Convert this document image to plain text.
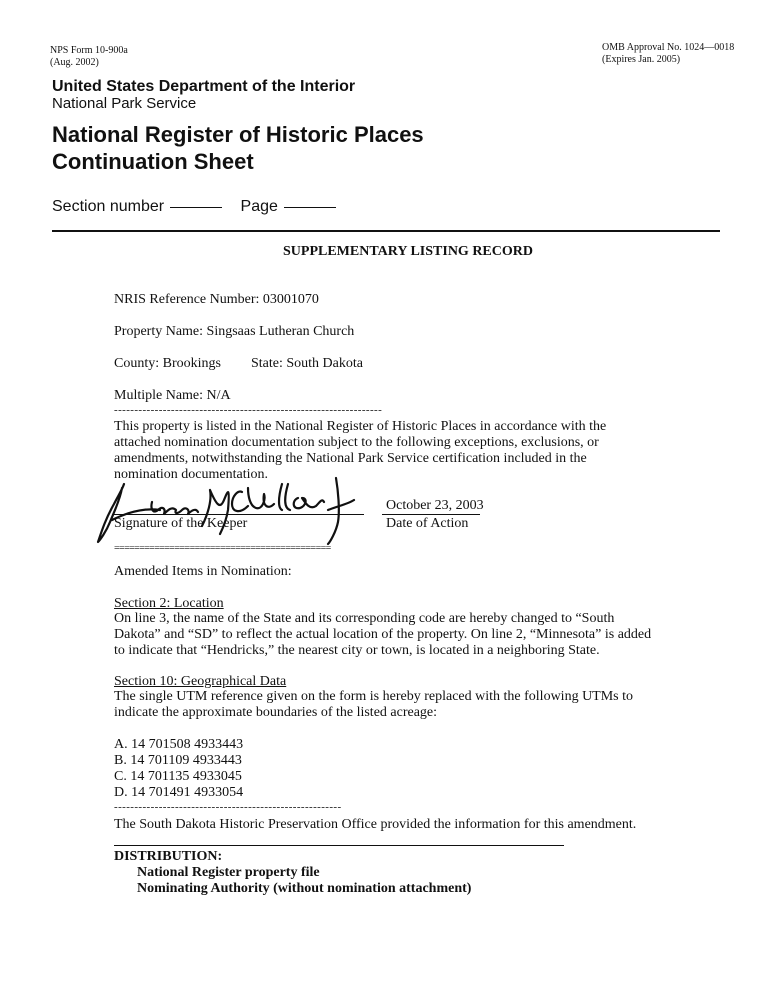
NPS Form 10-900a
(Aug. 2002)
OMB Approval No. 1024—0018
(Expires Jan. 2005)
United States Department of the Interior
National Park Service
National Register of Historic Places
Continuation Sheet
Section number	Page
SUPPLEMENTARY LISTING RECORD
NRIS Reference Number: 03001070
Property Name: Singsaas Lutheran Church
County: Brookings State: South Dakota
Multiple Name: N/A
------------------------------------------------------------------
This property is listed in the National Register of Historic Places in accordance with the attached nomination documentation subject to the following exceptions, exclusions, or amendments, notwithstanding the National Park Service certification included in the nomination documentation.
Signature of the Keeper
October 23, 2003
Date of Action
===========================================
Amended Items in Nomination:
Section 2: Location
On line 3, the name of the State and its corresponding code are hereby changed to “South Dakota” and “SD” to reflect the actual location of the property. On line 2, “Minnesota” is added to indicate that “Hendricks,” the nearest city or town, is located in a neighboring State.
Section 10: Geographical Data
The single UTM reference given on the form is hereby replaced with the following UTMs to indicate the approximate boundaries of the listed acreage:
A. 14 701508 4933443
B. 14 701109 4933443
C. 14 701135 4933045
D. 14 701491 4933054
--------------------------------------------------------
The South Dakota Historic Preservation Office provided the information for this amendment.
DISTRIBUTION:
National Register property file
Nominating Authority (without nomination attachment)
